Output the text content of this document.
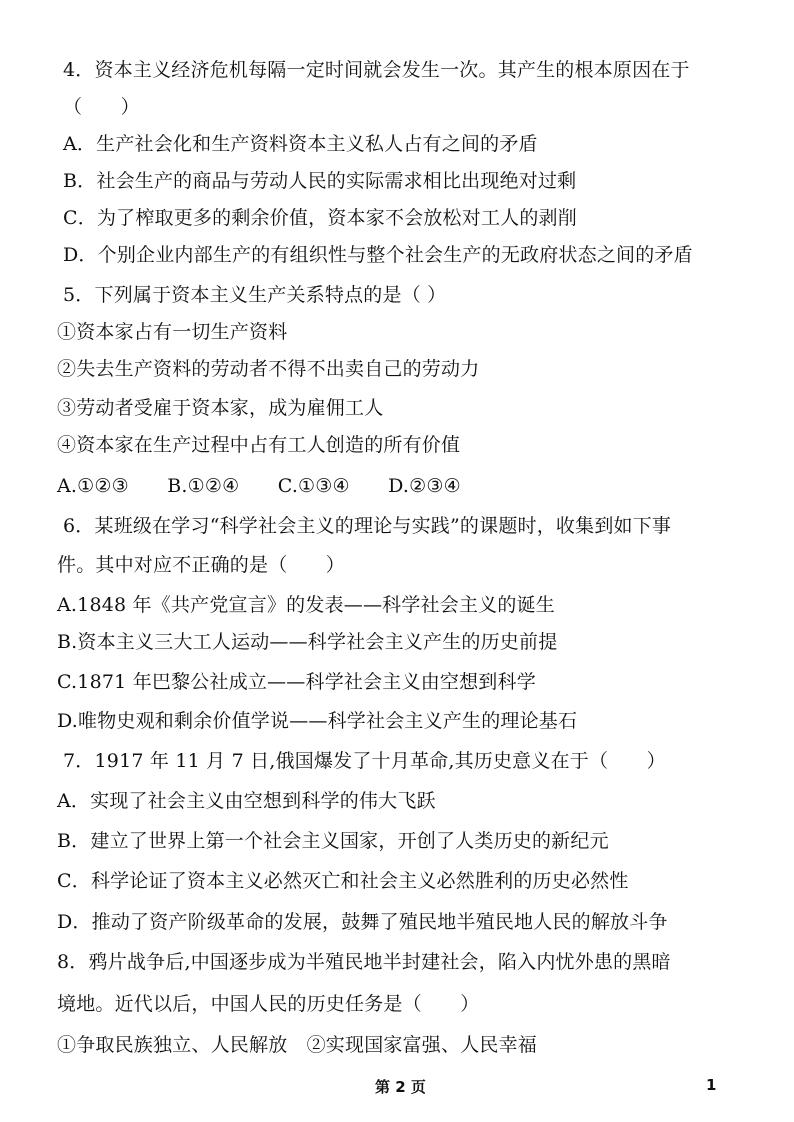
4．资本主义经济危机每隔一定时间就会发生一次。其产生的根本原因在于
（　　）
A．生产社会化和生产资料资本主义私人占有之间的矛盾
B．社会生产的商品与劳动人民的实际需求相比出现绝对过剩
C．为了榨取更多的剩余价值，资本家不会放松对工人的剥削
D．个别企业内部生产的有组织性与整个社会生产的无政府状态之间的矛盾
5．下列属于资本主义生产关系特点的是（ ）
①资本家占有一切生产资料
②失去生产资料的劳动者不得不出卖自己的劳动力
③劳动者受雇于资本家，成为雇佣工人
④资本家在生产过程中占有工人创造的所有价值
A.①②③　　B.①②④　　C.①③④　　D.②③④
6．某班级在学习“科学社会主义的理论与实践”的课题时，收集到如下事
件。其中对应不正确的是（　　）
A.1848 年《共产党宣言》的发表——科学社会主义的诞生
B.资本主义三大工人运动——科学社会主义产生的历史前提
C.1871 年巴黎公社成立——科学社会主义由空想到科学
D.唯物史观和剩余价值学说——科学社会主义产生的理论基石
7．1917 年 11 月 7 日,俄国爆发了十月革命,其历史意义在于（　　）
A．实现了社会主义由空想到科学的伟大飞跃
B．建立了世界上第一个社会主义国家，开创了人类历史的新纪元
C．科学论证了资本主义必然灭亡和社会主义必然胜利的历史必然性
D．推动了资产阶级革命的发展，鼓舞了殖民地半殖民地人民的解放斗争
8．鸦片战争后,中国逐步成为半殖民地半封建社会，陷入内忧外患的黑暗
境地。近代以后，中国人民的历史任务是（　　）
①争取民族独立、人民解放　②实现国家富强、人民幸福
第 2 页	1
